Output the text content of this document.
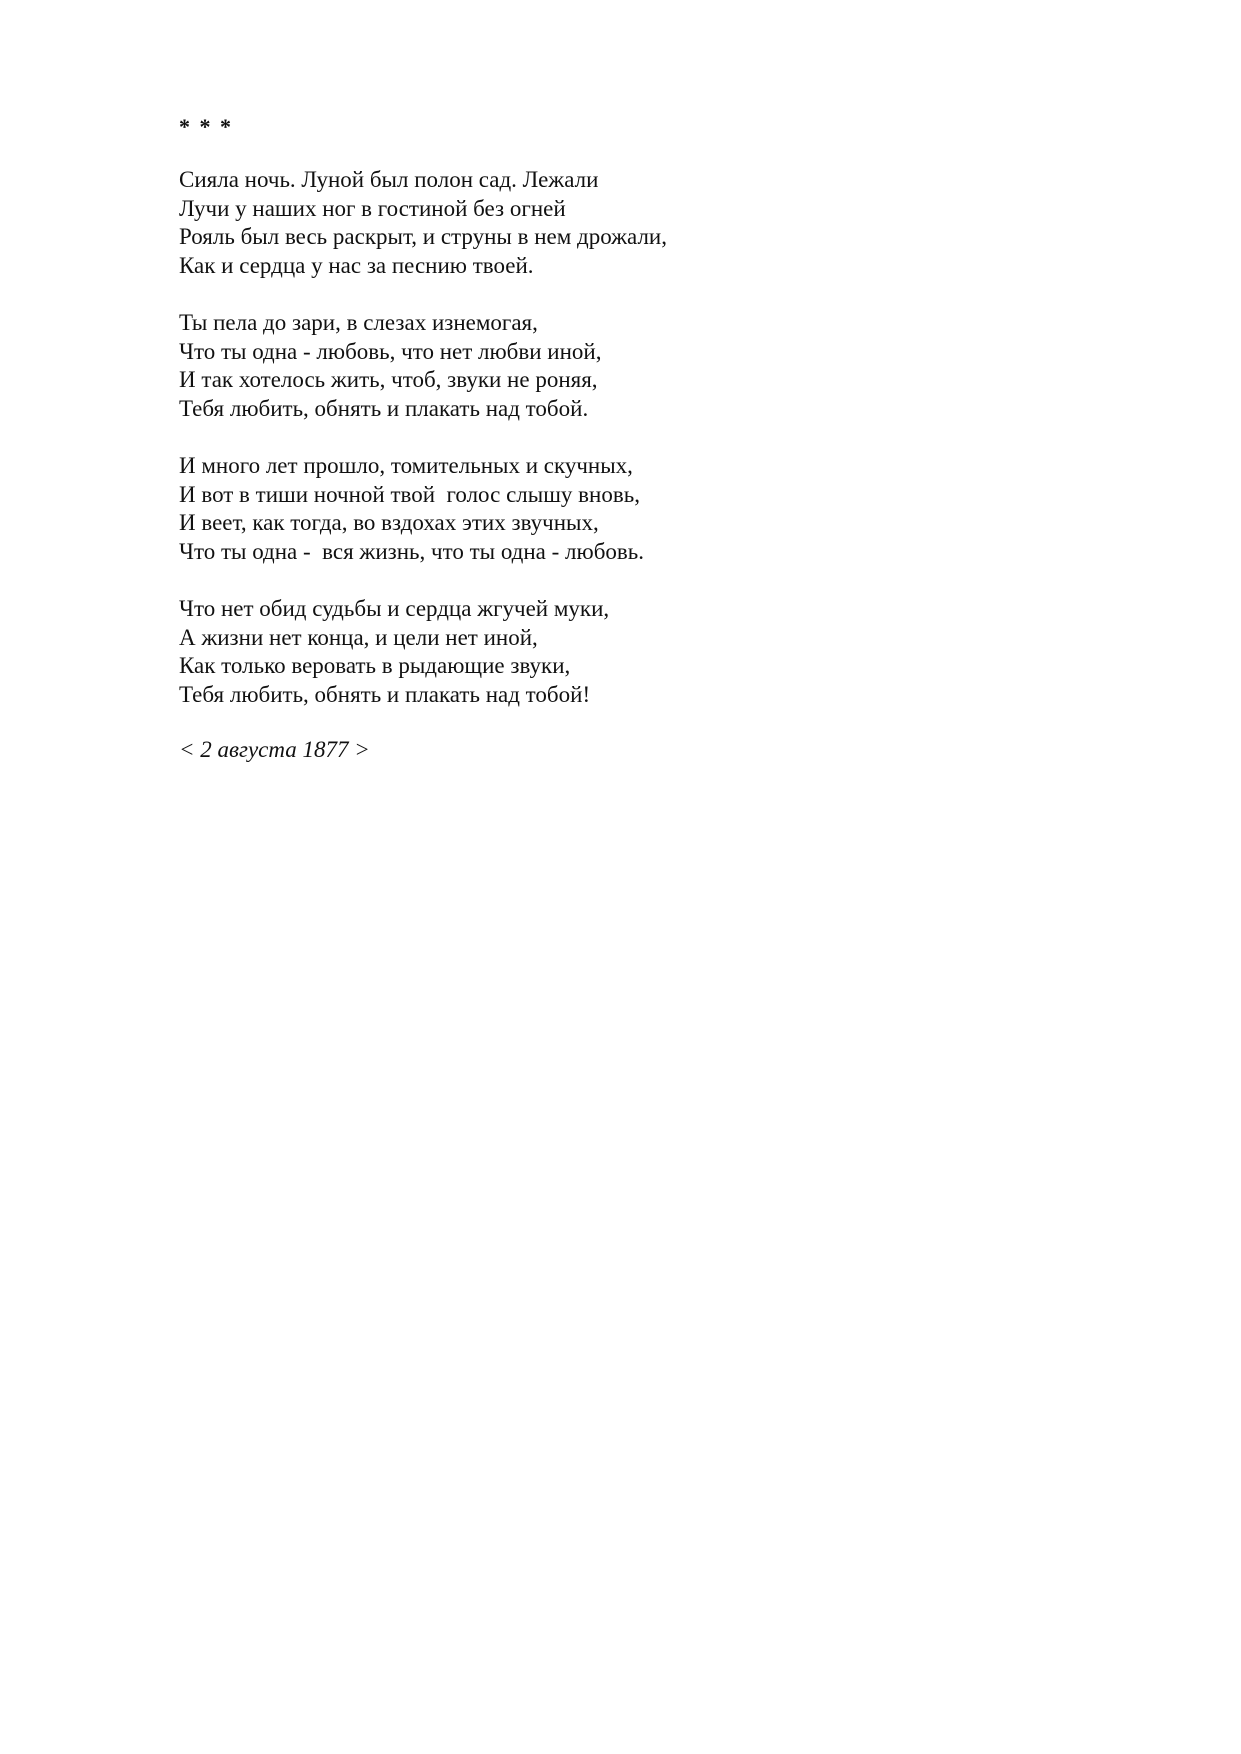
* * *
Сияла ночь. Луной был полон сад. Лежали
Лучи у наших ног в гостиной без огней
Рояль был весь раскрыт, и струны в нем дрожали,
Как и сердца у нас за песнию твоей.
Ты пела до зари, в слезах изнемогая,
Что ты одна - любовь, что нет любви иной,
И так хотелось жить, чтоб, звуки не роняя,
Тебя любить, обнять и плакать над тобой.
И много лет прошло, томительных и скучных,
И вот в тиши ночной твой  голос слышу вновь,
И веет, как тогда, во вздохах этих звучных,
Что ты одна -  вся жизнь, что ты одна - любовь.
Что нет обид судьбы и сердца жгучей муки,
А жизни нет конца, и цели нет иной,
Как только веровать в рыдающие звуки,
Тебя любить, обнять и плакать над тобой!
< 2 августа 1877 >
